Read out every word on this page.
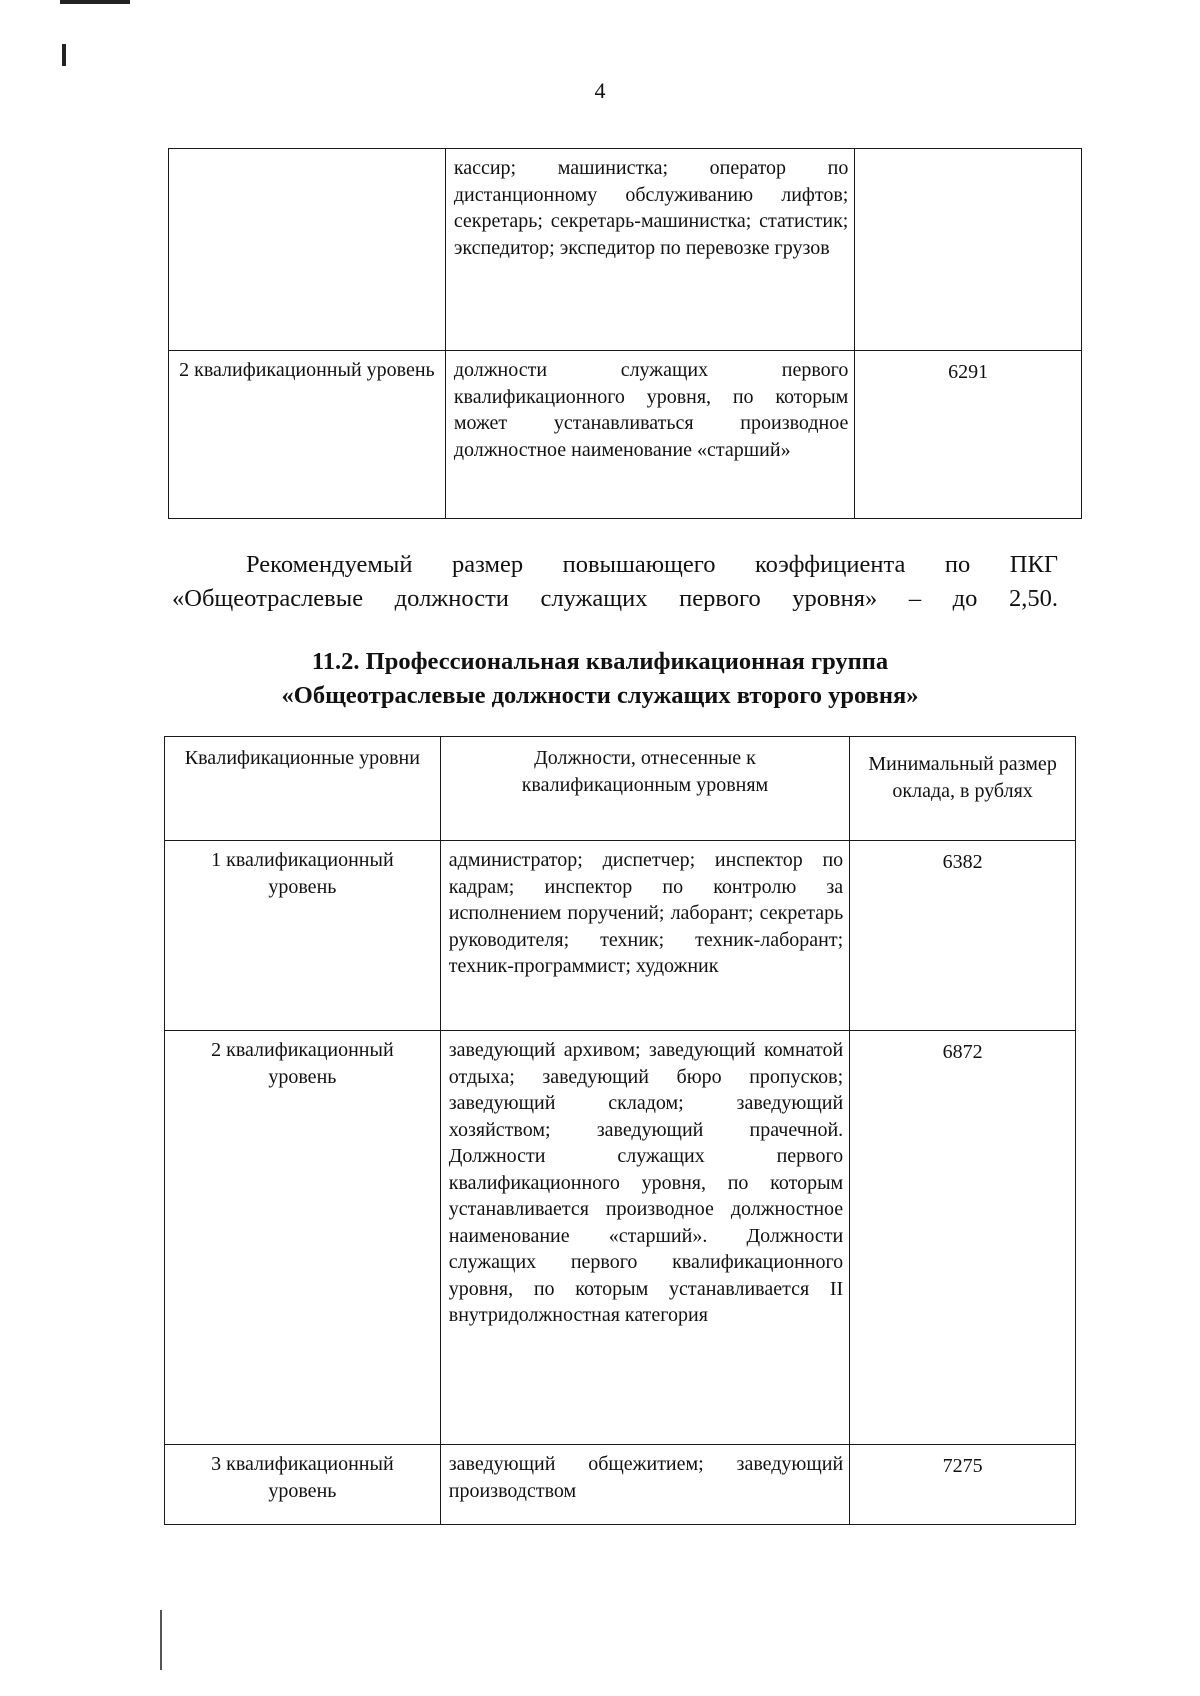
4
	кассир; машинистка; оператор по дистанционному обслуживанию лифтов; секретарь; секретарь-машинистка; статистик; экспедитор; экспедитор по перевозке грузов	
2 квалификационный уровень	должности служащих первого квалификационного уровня, по которым может устанавливаться производное должностное наименование «старший»	6291
Рекомендуемый размер повышающего коэффициента по ПКГ «Общеотраслевые должности служащих первого уровня» – до 2,50.
11.2. Профессиональная квалификационная группа
«Общеотраслевые должности служащих второго уровня»
Квалификационные уровни	Должности, отнесенные к квалификационным уровням	Минимальный размер оклада, в рублях
1 квалификационный уровень	администратор; диспетчер; инспектор по кадрам; инспектор по контролю за исполнением поручений; лаборант; секретарь руководителя; техник; техник-лаборант; техник-программист; художник	6382
2 квалификационный уровень	заведующий архивом; заведующий комнатой отдыха; заведующий бюро пропусков; заведующий складом; заведующий хозяйством; заведующий прачечной. Должности служащих первого квалификационного уровня, по которым устанавливается производное должностное наименование «старший». Должности служащих первого квалификационного уровня, по которым устанавливается II внутридолжностная категория	6872
3 квалификационный уровень	заведующий общежитием; заведующий производством	7275
